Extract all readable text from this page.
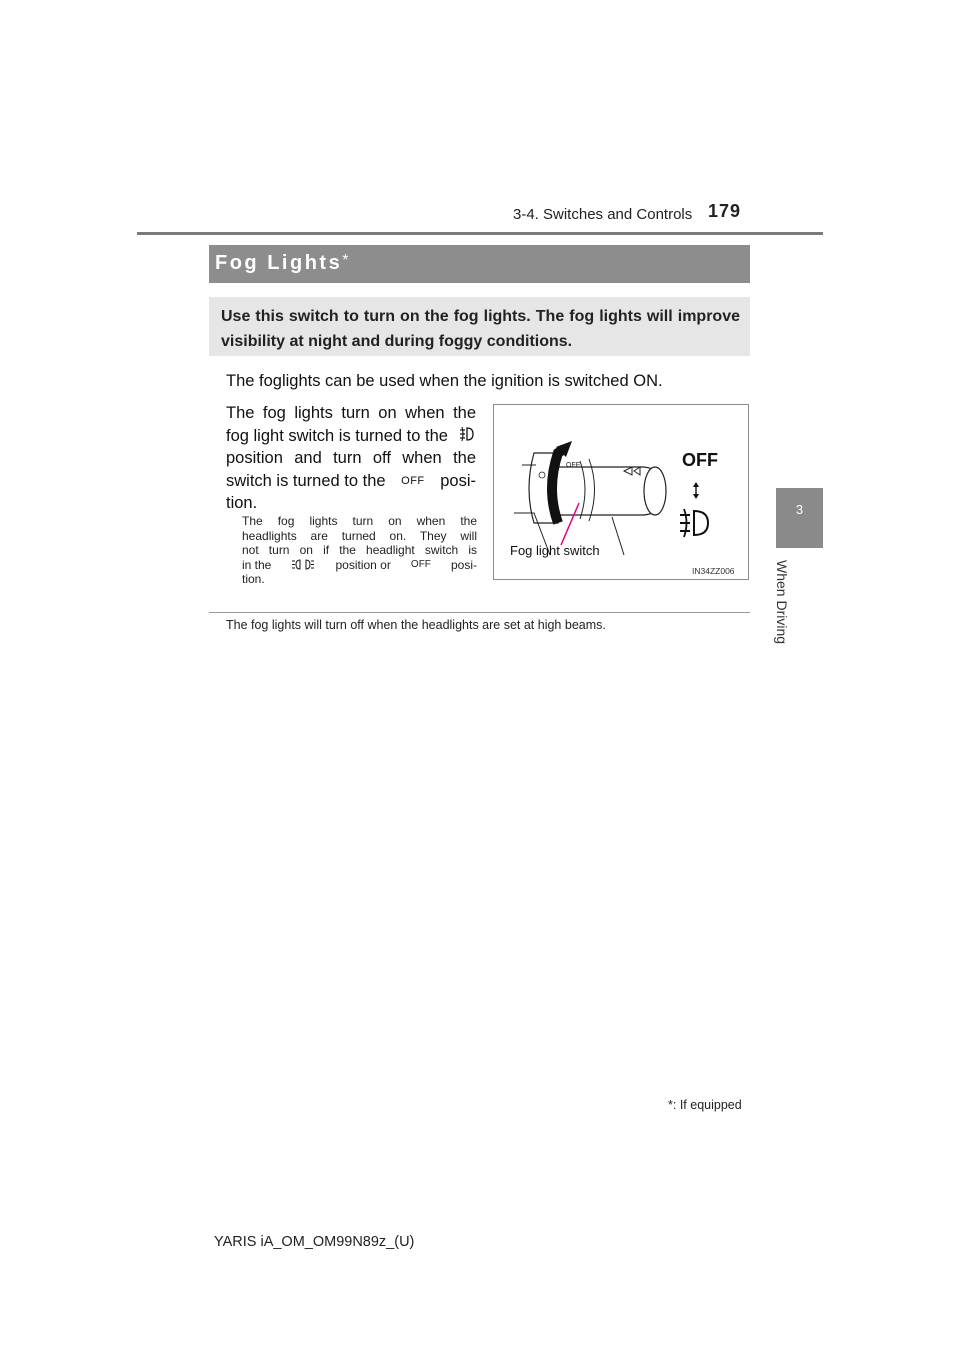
3-4. Switches and Controls 179
3
When Driving
Fog Lights*
Use this switch to turn on the fog lights. The fog lights will improve visibility at night and during foggy conditions.
The foglights can be used when the ignition is switched ON.
The fog lights turn on when the
fog light switch is turned to the
position and turn off when the
switch is turned to the OFF posi-
tion.
The fog lights turn on when the
headlights are turned on. They will
not turn on if the headlight switch is
in the	position or OFF posi-
tion.
OFF	OFF
Fog light switch
IN34ZZ006
The fog lights will turn off when the headlights are set at high beams.
*: If equipped
YARIS iA_OM_OM99N89z_(U)
